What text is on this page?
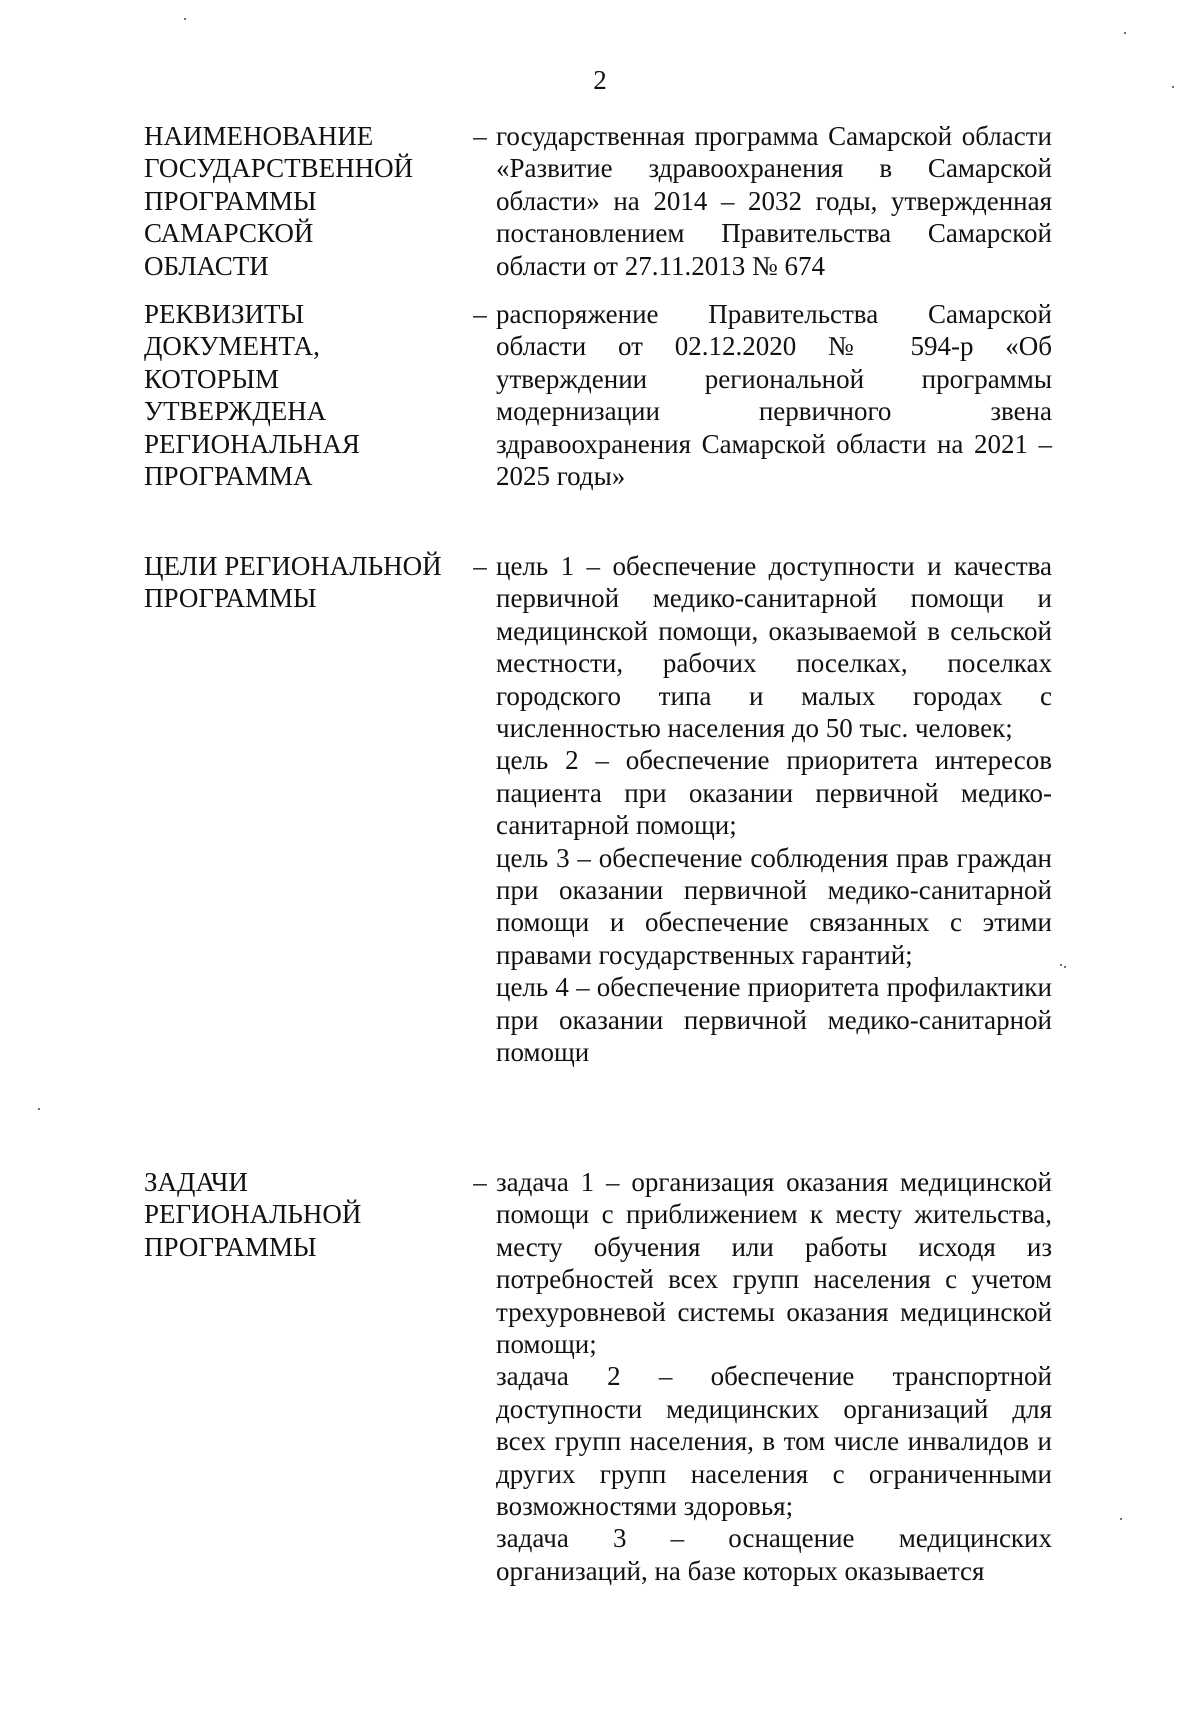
2
НАИМЕНОВАНИЕ
ГОСУДАРСТВЕННОЙ
ПРОГРАММЫ
САМАРСКОЙ
ОБЛАСТИ
– государственная программа Самарской области «Развитие здравоохранения в Самарской области» на 2014 – 2032 годы, утвержденная постановлением Правительства Самарской области от 27.11.2013 № 674

РЕКВИЗИТЫ
ДОКУМЕНТА,
КОТОРЫМ
УТВЕРЖДЕНА
РЕГИОНАЛЬНАЯ
ПРОГРАММА
– распоряжение Правительства Самарской области от 02.12.2020 № 594-р «Об утверждении региональной программы модернизации первичного звена здравоохранения Самарской области на 2021 – 2025 годы»

ЦЕЛИ РЕГИОНАЛЬНОЙ
ПРОГРАММЫ
– цель 1 – обеспечение доступности и качества первичной медико-санитарной помощи и медицинской помощи, оказываемой в сельской местности, рабочих поселках, поселках городского типа и малых городах с численностью населения до 50 тыс. человек;

цель 2 – обеспечение приоритета интересов пациента при оказании первичной медико-санитарной помощи;

цель 3 – обеспечение соблюдения прав граждан при оказании первичной медико-санитарной помощи и обеспечение связанных с этими правами государственных гарантий;

цель 4 – обеспечение приоритета профилактики при оказании первичной медико-санитарной помощи

ЗАДАЧИ
РЕГИОНАЛЬНОЙ
ПРОГРАММЫ
– задача 1 – организация оказания медицинской помощи с приближением к месту жительства, месту обучения или работы исходя из потребностей всех групп населения с учетом трехуровневой системы оказания медицинской помощи;

задача 2 – обеспечение транспортной доступности медицинских организаций для всех групп населения, в том числе инвалидов и других групп населения с ограниченными возможностями здоровья;

задача 3 – оснащение медицинских организаций, на базе которых оказывается
